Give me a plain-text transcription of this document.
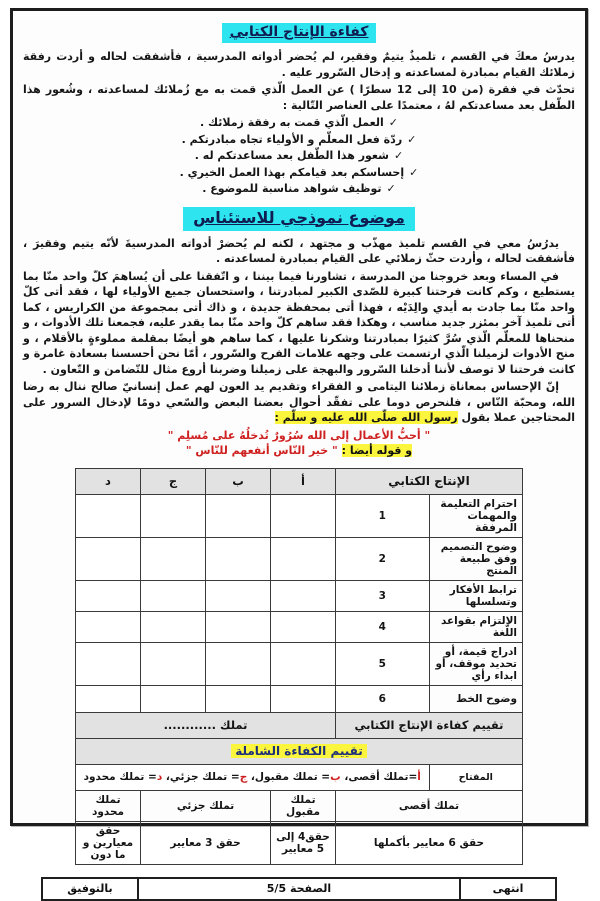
كفاءة الإنتاج الكتابي

يدرسُ معكَ في القسم ، تلميذٌ يتيمٌ وفقير، لم يُحضر أدواته المدرسية ، فأشفقت لحاله و أردت رفقة زملائك القيام بمبادرة لمساعدته و إدخال السّرور عليه .

تحدّث في فقرة (من 10 إلى 12 سطرًا ) عن العمل الّذي قمت به مع زُملائك لمساعدته ، وشُعور هذا الطّفل بعد مساعدتكم لهُ ، معتمدًا على العناصر التّالية :

✓العمل الّذي قمت به رفقة زملائك . ✓ردّة فعل المعلّم و الأولياء تجاه مبادرتكم . ✓شعور هذا الطّفل بعد مساعدتكم له . ✓إحساسكم بعد قيامكم بهذا العمل الخيري . ✓توظيف شواهد مناسبة للموضوع .
موضوع نموذجي للاستئناس

يدرُسُ معي في القسم تلميذ مهذّب و مجتهد ، لكنه لم يُحضرْ أدواته المدرسيةَ لأنّه يتيم وفقيرَ ، فأشفقت لحاله ، وأردت حثّ زملائي على القيام بمبادرة لمساعدته .

في المساء وبعد خروجنا من المدرسة ، تشاورنا فيما بيننا ، و اتّفقنا على أن يُساهمَ كلّ واحد منّا بما يستطيع ، وكم كانت فرحتنا كبيرة للصّدى الكبير لمبادرتنا ، واستحسان جميع الأولياء لها ، فقد أتى كلّ واحد منّا بما جادت به أيدي والِدَيْه ، فهذا أتى بمحفظة جديدة ، و ذاك أتى بمجموعة من الكراريس ، كما أتى تلميذ آخر بمئزر جديد مناسب ، وهكذا فقد ساهم كلّ واحد منّا بما يقدر عليه، فجمعنا تلك الأدوات ، و منحناها للمعلّم الّذي سُرَّ كثيرًا بمبادرتنا وشكرنا عليها ، كما ساهم هو أيضًا بمقلمة مملوءةٍ بالأقلام ، و منح الأدوات لزميلنا الّذي ارتسمت على وجهه علامات الفرح والسّرور ، أمّا نحن أحسسنا بسعادة غامرة و كانت فرحتنا لا توصف لأننا أدخلنا السّرور والبهجة على زميلنا وضربنا أروع مثال للتّضامن و التّعاون .

إنّ الإحساس بمعاناة زملائنا اليتامى و الفقراء وتقديم يد العون لهم عمل إنسانيّ صالح ننال به رضا الله، ومحبّة النّاس ، فلنحرص دوما على تفقّد أحوال بعضنا البعض والسّعي دومًا لإدخال السرور على المحتاجين عملا بقول رسول الله صلّى الله عليه و سلّم :

" أحبُّ الأعمال إلى الله سُرُورٌ تُدخلُهُ على مُسلِم "

و قوله أيضا : " خير النّاس أنفعهم للنّاس "

الإنتاج الكتابي		أ	ب	ج	د
احترام التعليمة والمهمات المرفقة	1				
وضوح التصميم وفق طبيعة المنتج	2				
ترابط الأفكار وتسلسلها	3				
الالتزام بقواعد اللّغة	4				
ادراج قيمة، أو تحديد موقف، أو ابداء رأي	5				
وضوح الخط	6				
تقييم كفاءة الإنتاج الكتابي		تملك ............			
تقييم الكفاءة الشاملة					
المفتاح	أ=تملك أقصى، ب= تملك مقبول، ج= تملك جزئي، د= تملك محدود				
تملك أقصى		تملك مقبول	تملك جزئي		تملك محدود
حقق 6 معايير بأكملها		حقق4 إلى 5 معايير	حقق 3 معايير		حقق معيارين و ما دون
انتهى	الصفحة 5/5	بالتوفيق
